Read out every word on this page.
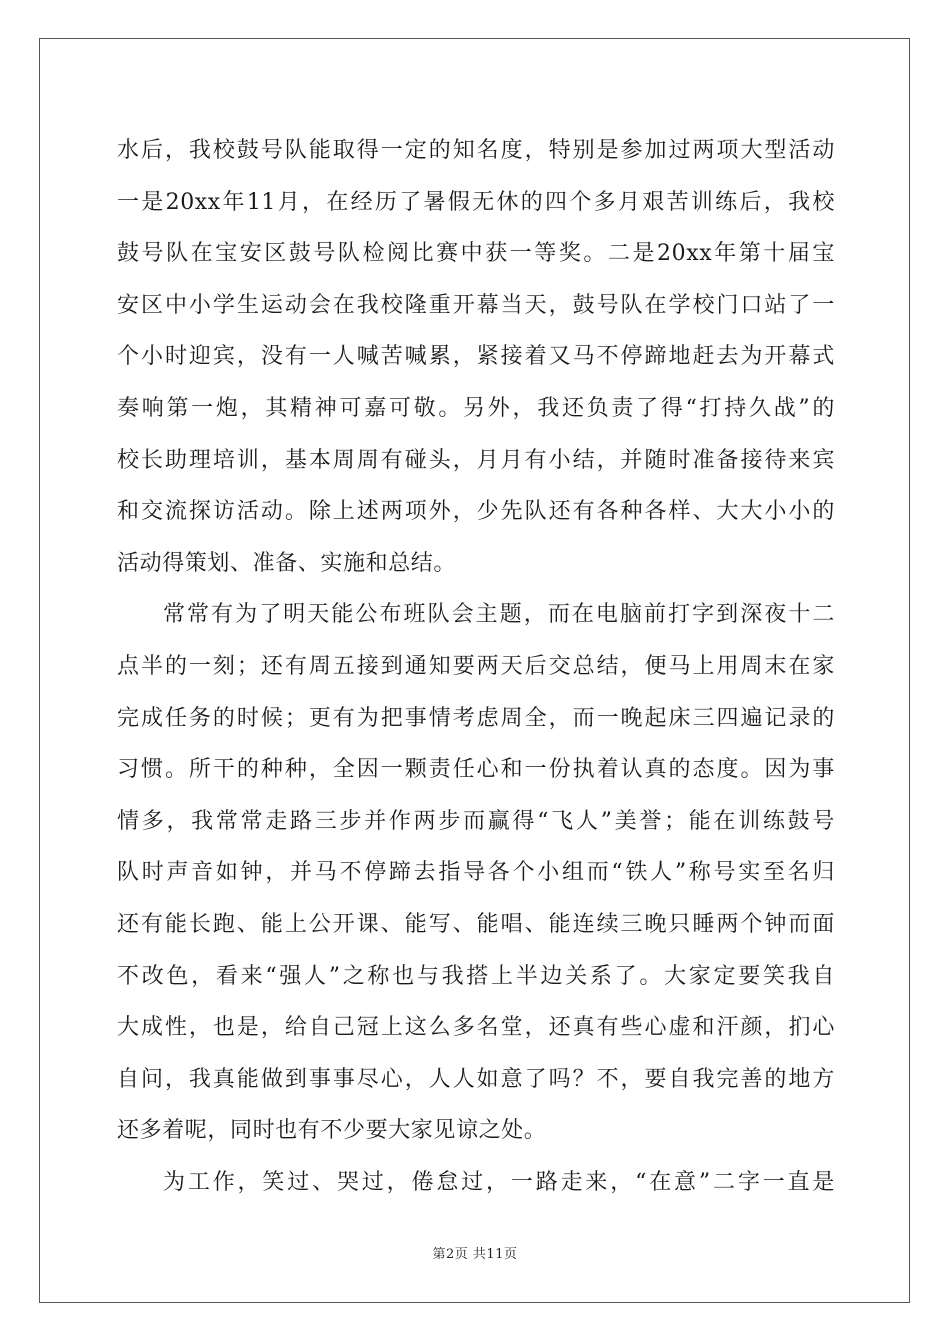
水后，我校鼓号队能取得一定的知名度，特别是参加过两项大型活动
一是20xx年11月，在经历了暑假无休的四个多月艰苦训练后，我校
鼓号队在宝安区鼓号队检阅比赛中获一等奖。二是20xx年第十届宝
安区中小学生运动会在我校隆重开幕当天，鼓号队在学校门口站了一
个小时迎宾，没有一人喊苦喊累，紧接着又马不停蹄地赶去为开幕式
奏响第一炮，其精神可嘉可敬。另外，我还负责了得“打持久战”的
校长助理培训，基本周周有碰头，月月有小结，并随时准备接待来宾
和交流探访活动。除上述两项外，少先队还有各种各样、大大小小的
活动得策划、准备、实施和总结。
常常有为了明天能公布班队会主题，而在电脑前打字到深夜十二
点半的一刻；还有周五接到通知要两天后交总结，便马上用周末在家
完成任务的时候；更有为把事情考虑周全，而一晚起床三四遍记录的
习惯。所干的种种，全因一颗责任心和一份执着认真的态度。因为事
情多，我常常走路三步并作两步而赢得“飞人”美誉；能在训练鼓号
队时声音如钟，并马不停蹄去指导各个小组而“铁人”称号实至名归
还有能长跑、能上公开课、能写、能唱、能连续三晚只睡两个钟而面
不改色，看来“强人”之称也与我搭上半边关系了。大家定要笑我自
大成性，也是，给自己冠上这么多名堂，还真有些心虚和汗颜，扪心
自问，我真能做到事事尽心，人人如意了吗？不，要自我完善的地方
还多着呢，同时也有不少要大家见谅之处。
为工作，笑过、哭过，倦怠过，一路走来，“在意”二字一直是
第2页 共11页
